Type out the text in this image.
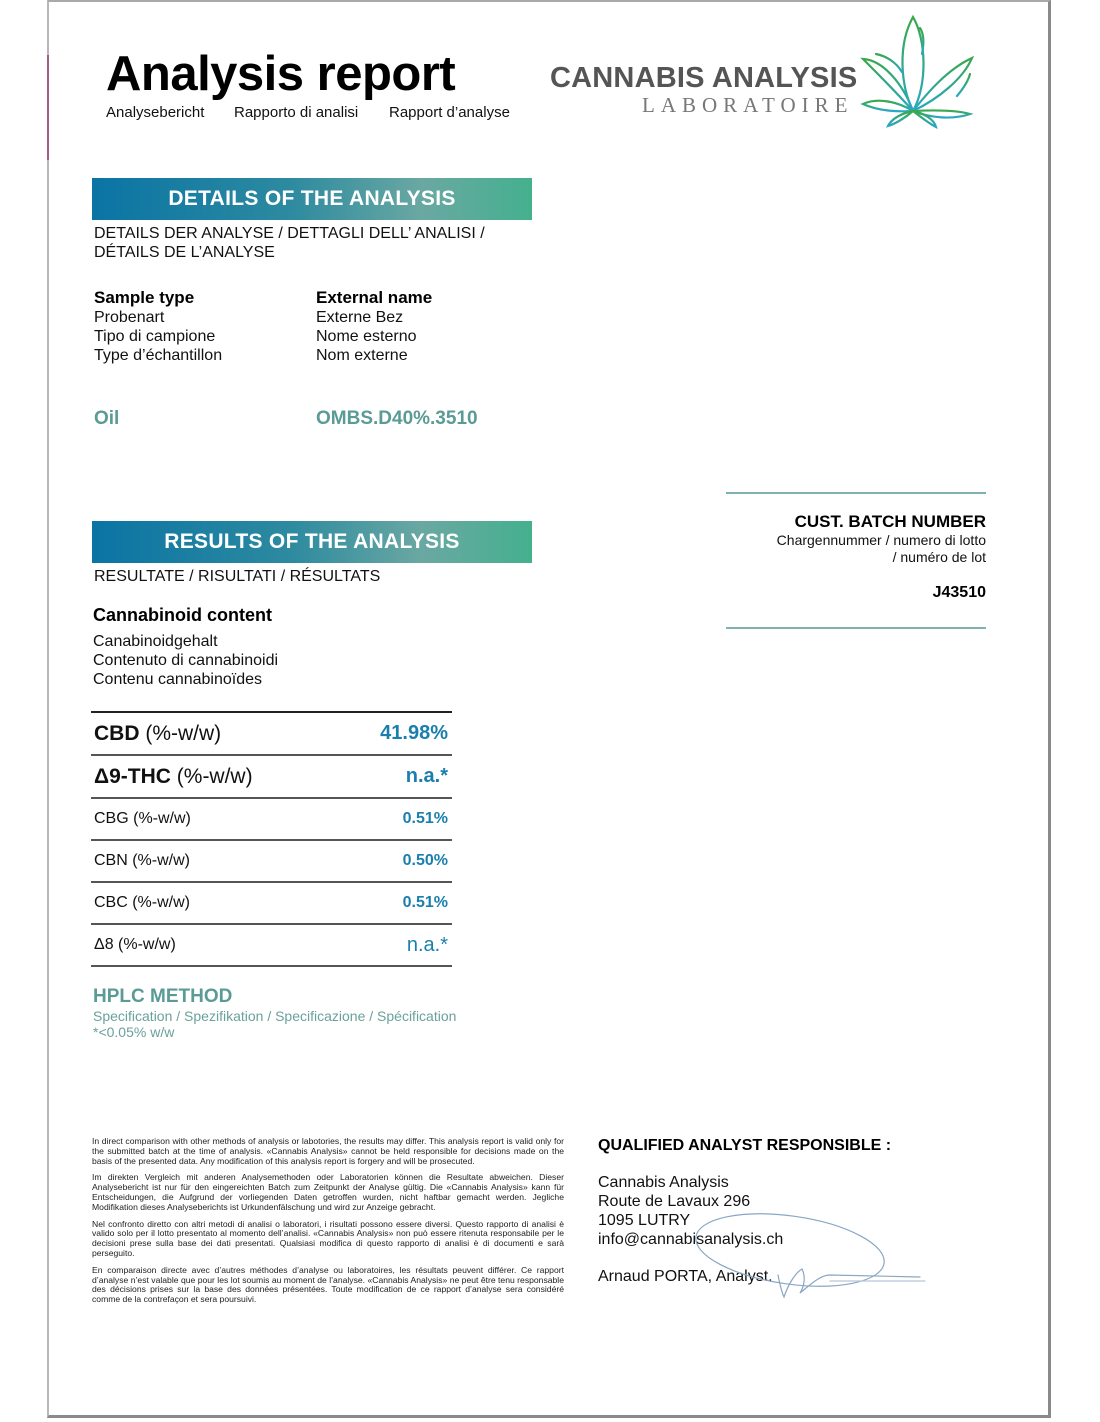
Analysis report
Analysebericht Rapporto di analisi Rapport d’analyse
CANNABIS ANALYSIS
LABORATOIRE
DETAILS OF THE ANALYSIS
DETAILS DER ANALYSE / DETTAGLI DELL’ ANALISI / DÉTAILS DE L’ANALYSE
Sample type
Probenart
Tipo di campione
Type d’échantillon
External name
Externe Bez
Nome esterno
Nom externe
Oil	OMBS.D40%.3510
CUST. BATCH NUMBER
Chargennummer / numero di lotto
/ numéro de lot
J43510
RESULTS OF THE ANALYSIS
RESULTATE / RISULTATI / RÉSULTATS
Cannabinoid content
Canabinoidgehalt
Contenuto di cannabinoidi
Contenu cannabinoïdes
CBD (%-w/w)	41.98%
Δ9-THC (%-w/w)	n.a.*
CBG (%-w/w)	0.51%
CBN (%-w/w)	0.50%
CBC (%-w/w)	0.51%
Δ8 (%-w/w)	n.a.*
HPLC METHOD
Specification / Spezifikation / Specificazione / Spécification
*<0.05% w/w

In direct comparison with other methods of analysis or labotories, the results may differ. This analysis report is valid only for the submitted batch at the time of analysis. «Cannabis Analysis» cannot be held responsible for decisions made on the basis of the presented data. Any modification of this analysis report is forgery and will be prosecuted.

Im direkten Vergleich mit anderen Analysemethoden oder Laboratorien können die Resultate abweichen. Dieser Analysebericht ist nur für den eingereichten Batch zum Zeitpunkt der Analyse gültig. Die «Cannabis Analysis» kann für Entscheidungen, die Aufgrund der vorliegenden Daten getroffen wurden, nicht haftbar gemacht werden. Jegliche Modifikation dieses Analyseberichts ist Urkundenfälschung und wird zur Anzeige gebracht.

Nel confronto diretto con altri metodi di analisi o laboratori, i risultati possono essere diversi. Questo rapporto di analisi è valido solo per il lotto presentato al momento dell’analisi. «Cannabis Analysis» non può essere ritenuta responsabile per le decisioni prese sulla base dei dati presentati. Qualsiasi modifica di questo rapporto di analisi è di documenti e sarà perseguito.

En comparaison directe avec d’autres méthodes d’analyse ou laboratoires, les résultats peuvent différer. Ce rapport d’analyse n’est valable que pour les lot soumis au moment de l’analyse. «Cannabis Analysis» ne peut être tenu responsable des décisions prises sur la base des données présentées. Toute modification de ce rapport d’analyse sera considéré comme de la contrefaçon et sera poursuivi.

QUALIFIED ANALYST RESPONSIBLE :
Cannabis Analysis
Route de Lavaux 296
1095 LUTRY
info@cannabisanalysis.ch
Arnaud PORTA, Analyst.
